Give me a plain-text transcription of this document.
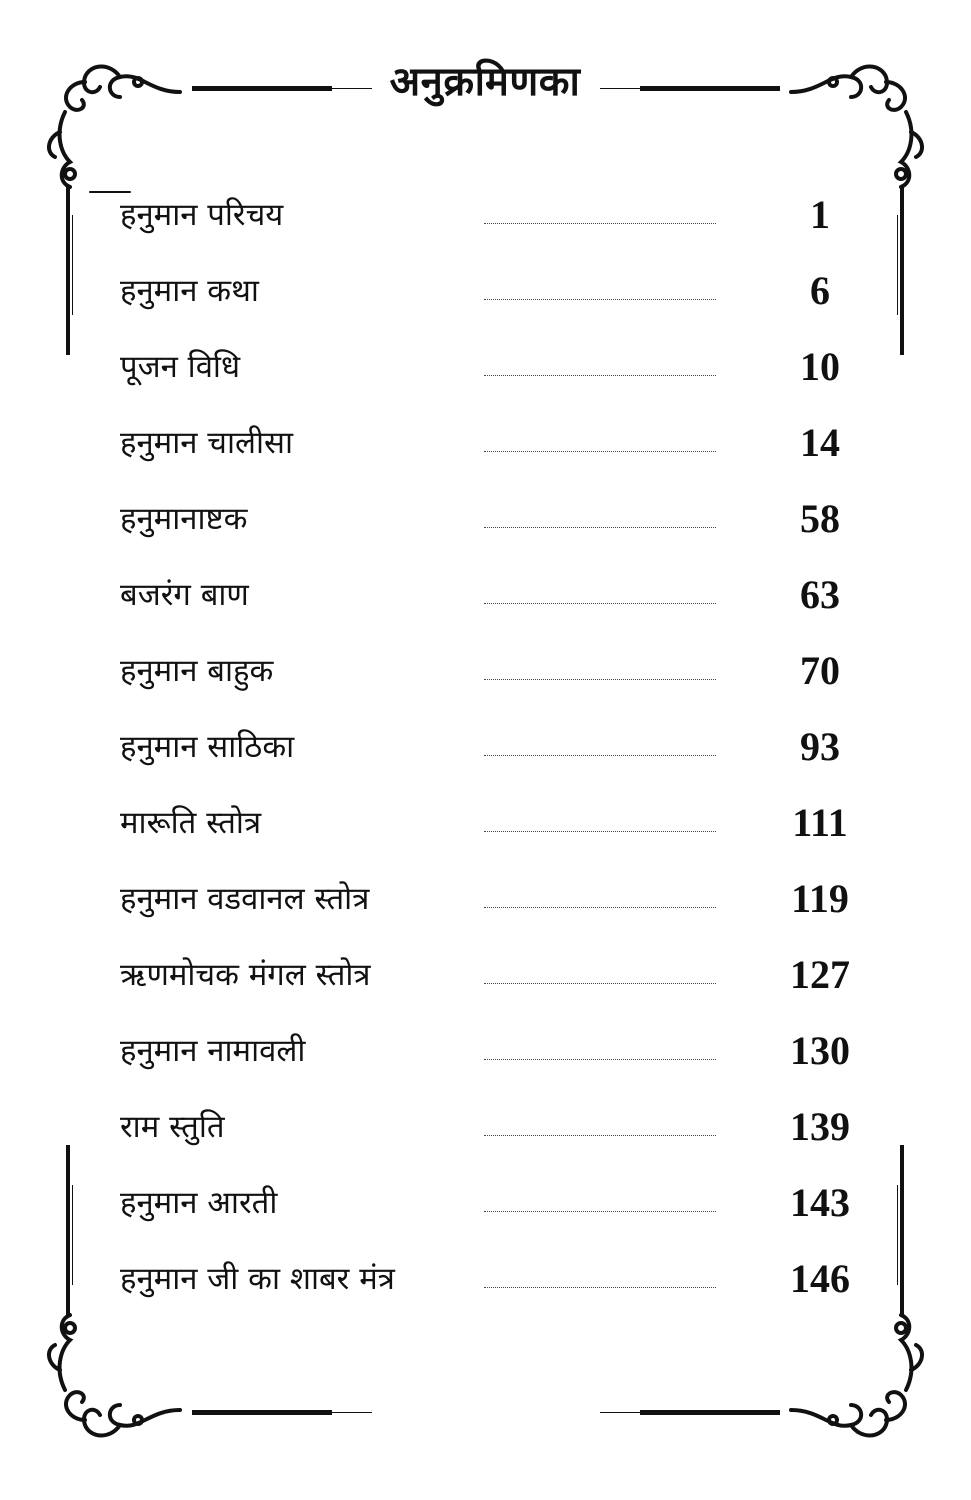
अनुक्रमिणका
हनुमान परिचय	1
हनुमान कथा	6
पूजन विधि	10
हनुमान चालीसा	14
हनुमानाष्टक	58
बजरंग बाण	63
हनुमान बाहुक	70
हनुमान साठिका	93
मारूति स्तोत्र	111
हनुमान वडवानल स्तोत्र	119
ऋणमोचक मंगल स्तोत्र	127
हनुमान नामावली	130
राम स्तुति	139
हनुमान आरती	143
हनुमान जी का शाबर मंत्र	146
